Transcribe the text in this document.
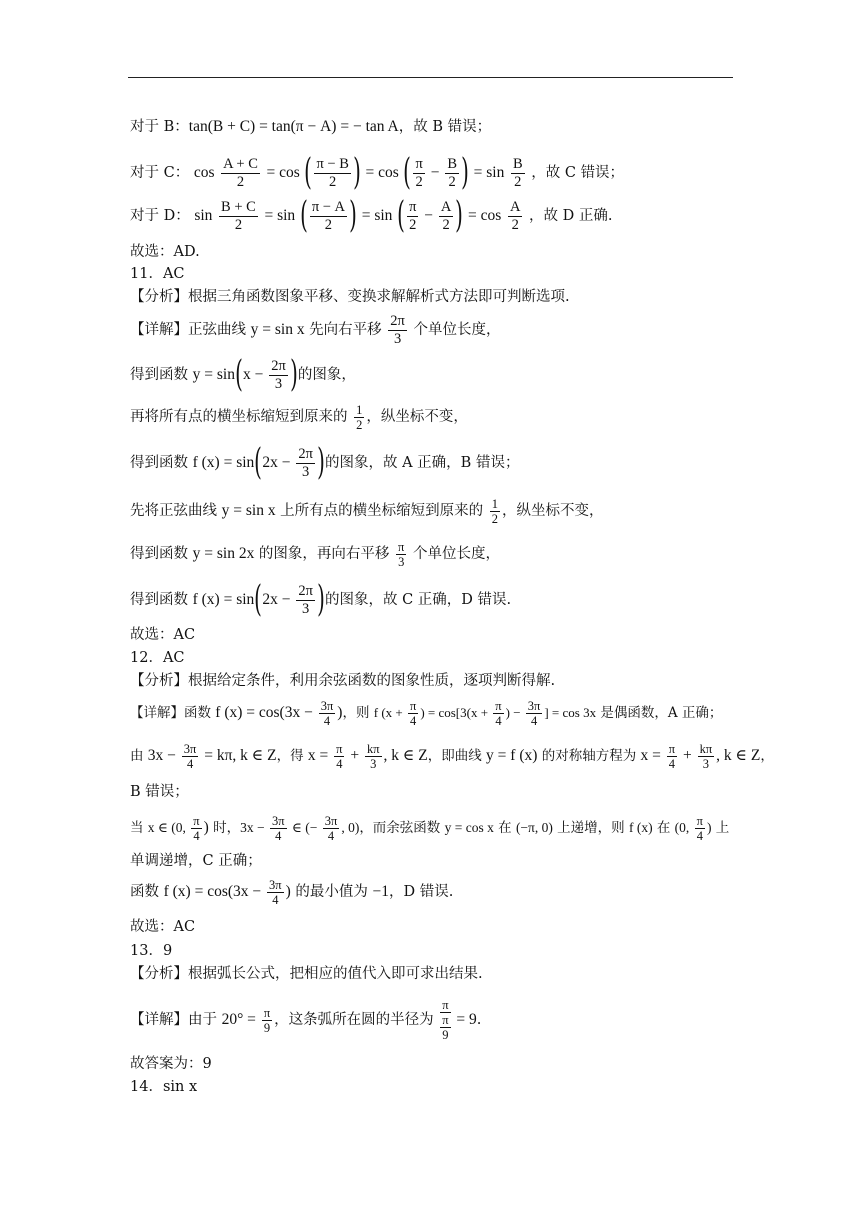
对于 B：tan(B + C) = tan(π − A) = − tan A，故 B 错误；
对于 C： $\cos \frac{A + C}{2} = \cos$ ( $\frac{\pi - B}{2}$ ) = cos ( $\frac{\pi}{2} - \frac{B}{2}$ ) = $\sin \frac{B}{2}$ ，故 C 错误；
对于 D： $\sin \frac{B + C}{2} = \sin$ ( $\frac{\pi - A}{2}$ ) = sin ( $\frac{\pi}{2} - \frac{A}{2}$ ) = $\cos \frac{A}{2}$ ，故 D 正确.
故选：AD.
11．AC
【分析】根据三角函数图象平移、变换求解解析式方法即可判断选项.
【详解】正弦曲线 y = sin x 先向右平移 $\frac{2\pi}{3}$ 个单位长度，
得到函数 $y = \sin(x - \frac{2\pi}{3}$ )的图象，
再将所有点的横坐标缩短到原来的 $\frac{1}{2}$ ，纵坐标不变，
得到函数 f $(x) = \sin(2x - \frac{2\pi}{3}$ )的图象，故 A 正确，B 错误；
先将正弦曲线 y = sin x 上所有点的横坐标缩短到原来的 $\frac{1}{2}$ ，纵坐标不变，
得到函数 y = sin 2x 的图象，再向右平移 $\frac{\pi}{3}$ 个单位长度，
得到函数 f $(x) = \sin(2x - \frac{2\pi}{3}$ )的图象，故 C 正确，D 错误.
故选：AC
12．AC
【分析】根据给定条件，利用余弦函数的图象性质，逐项判断得解.
【详解】函数 f $(x) = \cos(3x - \frac{3\pi}{4}$ )，则 f ($x + \frac{\pi}{4}$ ) = $\cos[3(x + \frac{\pi}{4}$ ) − $\frac{3\pi}{4}$ ] = cos 3x 是偶函数，A 正确；
由 $3x - \frac{3\pi}{4} = k\pi$, k ∈ Z，得 $x = \frac{\pi}{4} + \frac{k\pi}{3}$ , k ∈ Z，即曲线 y = f (x) 的对称轴方程为 $x = \frac{\pi}{4} + \frac{k\pi}{3}$ , k ∈ Z，
B 错误；
当 x ∈ (0, $\frac{\pi}{4}$ ) 时，$3x - \frac{3\pi}{4}$ ∈ (− $\frac{3\pi}{4}$ , 0)，而余弦函数 y = cos x 在 (−π, 0) 上递增，则 f (x) 在 (0, $\frac{\pi}{4}$ ) 上
单调递增，C 正确；
函数 f $(x) = \cos(3x - \frac{3\pi}{4}$ ) 的最小值为 −1，D 错误.
故选：AC
13．9
【分析】根据弧长公式，把相应的值代入即可求出结果.
【详解】由于 $20^\circ = \frac{\pi}{9}$ ，这条弧所在圆的半径为 $\frac{\pi}{\frac{\pi}{9}} = 9$.
故答案为：9
14．sin x
